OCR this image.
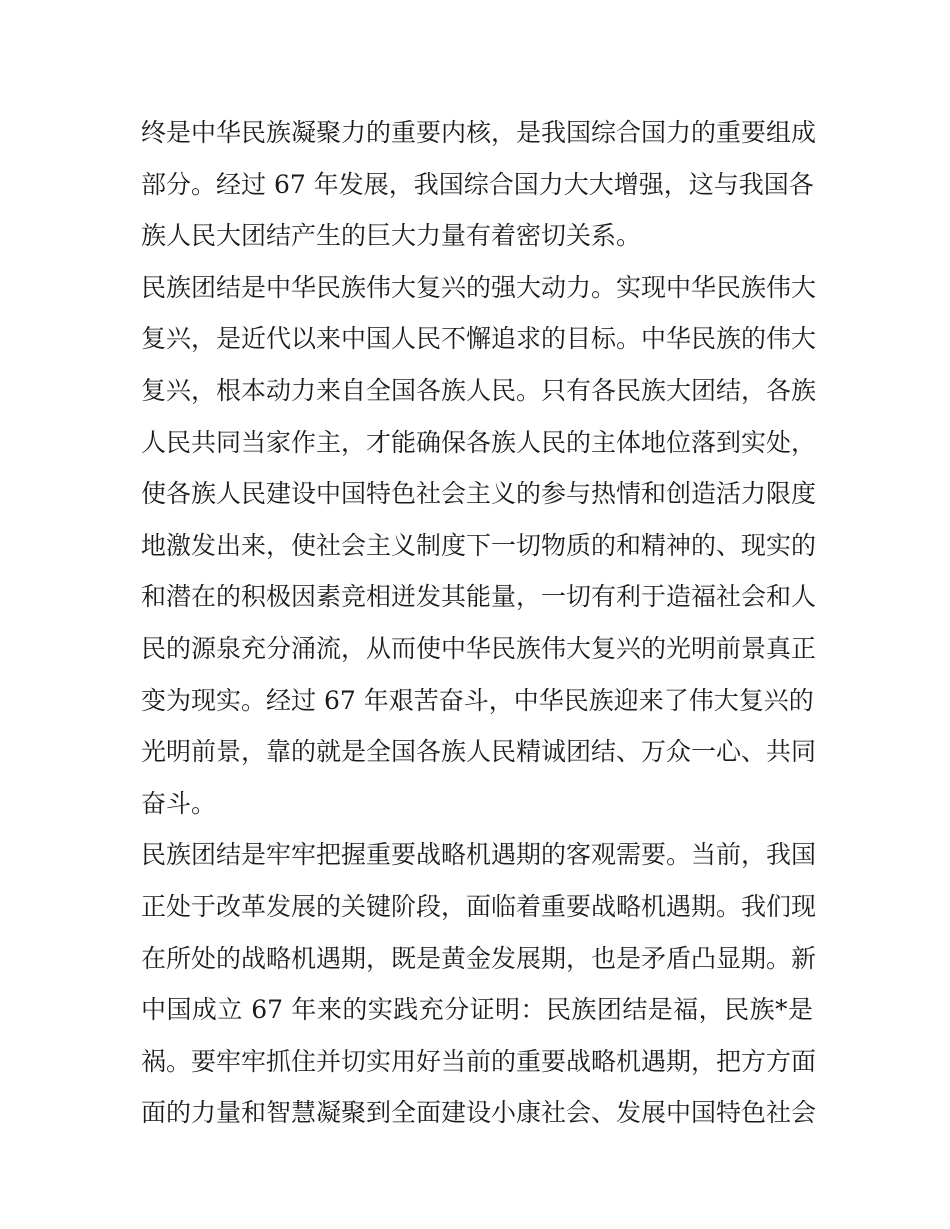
终是中华民族凝聚力的重要内核，是我国综合国力的重要组成
部分。经过 67 年发展，我国综合国力大大增强，这与我国各
族人民大团结产生的巨大力量有着密切关系。
民族团结是中华民族伟大复兴的强大动力。实现中华民族伟大
复兴，是近代以来中国人民不懈追求的目标。中华民族的伟大
复兴，根本动力来自全国各族人民。只有各民族大团结，各族
人民共同当家作主，才能确保各族人民的主体地位落到实处，
使各族人民建设中国特色社会主义的参与热情和创造活力限度
地激发出来，使社会主义制度下一切物质的和精神的、现实的
和潜在的积极因素竞相迸发其能量，一切有利于造福社会和人
民的源泉充分涌流，从而使中华民族伟大复兴的光明前景真正
变为现实。经过 67 年艰苦奋斗，中华民族迎来了伟大复兴的
光明前景，靠的就是全国各族人民精诚团结、万众一心、共同
奋斗。
民族团结是牢牢把握重要战略机遇期的客观需要。当前，我国
正处于改革发展的关键阶段，面临着重要战略机遇期。我们现
在所处的战略机遇期，既是黄金发展期，也是矛盾凸显期。新
中国成立 67 年来的实践充分证明：民族团结是福，民族*是
祸。要牢牢抓住并切实用好当前的重要战略机遇期，把方方面
面的力量和智慧凝聚到全面建设小康社会、发展中国特色社会
